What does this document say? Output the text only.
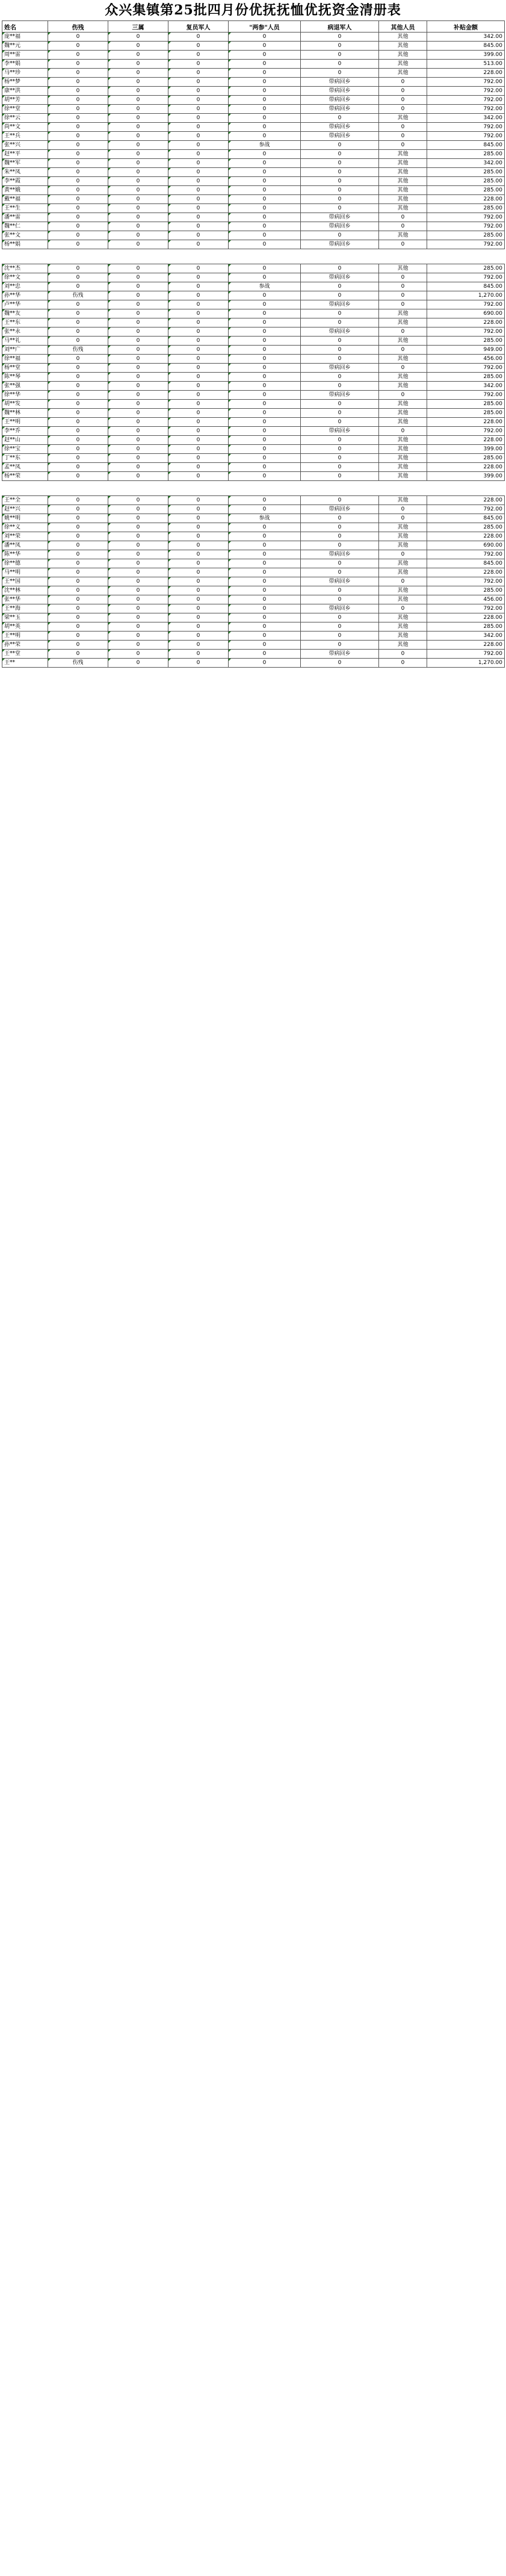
众兴集镇第25批四月份优抚抚恤优抚资金清册表
姓名	伤残	三属	复员军人	"两参"人员	病退军人	其他人员	补贴金额
庞**福	0	0	0	0	0	其他	342.00
魏**元	0	0	0	0	0	其他	845.00
周**雷	0	0	0	0	0	其他	399.00
李**娟	0	0	0	0	0	其他	513.00
马**珍	0	0	0	0	0	其他	228.00
杨**梦	0	0	0	0	带病回乡	0	792.00
康**洪	0	0	0	0	带病回乡	0	792.00
胡**芳	0	0	0	0	带病回乡	0	792.00
徐**堂	0	0	0	0	带病回乡	0	792.00
徐**云	0	0	0	0	0	其他	342.00
尚**文	0	0	0	0	带病回乡	0	792.00
王**兵	0	0	0	0	带病回乡	0	792.00
张**兴	0	0	0	参战	0	0	845.00
赵**平	0	0	0	0	0	其他	285.00
魏**军	0	0	0	0	0	其他	342.00
朱**凤	0	0	0	0	0	其他	285.00
李**霞	0	0	0	0	0	其他	285.00
黄**娥	0	0	0	0	0	其他	285.00
戴**福	0	0	0	0	0	其他	228.00
王**生	0	0	0	0	0	其他	285.00
潘**雷	0	0	0	0	带病回乡	0	792.00
魏**仁	0	0	0	0	带病回乡	0	792.00
张**文	0	0	0	0	0	其他	285.00
杨**娟	0	0	0	0	带病回乡	0	792.00

沈**杰	0	0	0	0	0	其他	285.00
徐**文	0	0	0	0	带病回乡	0	792.00
刘**忠	0	0	0	参战	0	0	845.00
孙**华	伤残	0	0	0	0	0	1,270.00
卢**华	0	0	0	0	带病回乡	0	792.00
魏**友	0	0	0	0	0	其他	690.00
王**东	0	0	0	0	0	其他	228.00
张**永	0	0	0	0	带病回乡	0	792.00
马**礼	0	0	0	0	0	其他	285.00
刘**广	伤残	0	0	0	0	0	949.00
徐**福	0	0	0	0	0	其他	456.00
杨**堂	0	0	0	0	带病回乡	0	792.00
陈**琴	0	0	0	0	0	其他	285.00
张**强	0	0	0	0	0	其他	342.00
徐**华	0	0	0	0	带病回乡	0	792.00
胡**发	0	0	0	0	0	其他	285.00
魏**林	0	0	0	0	0	其他	285.00
王**明	0	0	0	0	0	其他	228.00
李**乔	0	0	0	0	带病回乡	0	792.00
赵**山	0	0	0	0	0	其他	228.00
徐**宝	0	0	0	0	0	其他	399.00
丁**东	0	0	0	0	0	其他	285.00
孟**凤	0	0	0	0	0	其他	228.00
杨**荣	0	0	0	0	0	其他	399.00

王**全	0	0	0	0	0	其他	228.00
赵**兴	0	0	0	0	带病回乡	0	792.00
姚**明	0	0	0	参战	0	0	845.00
徐**义	0	0	0	0	0	其他	285.00
刘**荣	0	0	0	0	0	其他	228.00
潘**凤	0	0	0	0	0	其他	690.00
陈**华	0	0	0	0	带病回乡	0	792.00
徐**德	0	0	0	0	0	其他	845.00
马**明	0	0	0	0	0	其他	228.00
王**国	0	0	0	0	带病回乡	0	792.00
沈**林	0	0	0	0	0	其他	285.00
张**华	0	0	0	0	0	其他	456.00
王**海	0	0	0	0	带病回乡	0	792.00
梁**玉	0	0	0	0	0	其他	228.00
胡**英	0	0	0	0	0	其他	285.00
王**明	0	0	0	0	0	其他	342.00
孙**荣	0	0	0	0	0	其他	228.00
王**堂	0	0	0	0	带病回乡	0	792.00
王**	伤残	0	0	0	0	0	1,270.00
